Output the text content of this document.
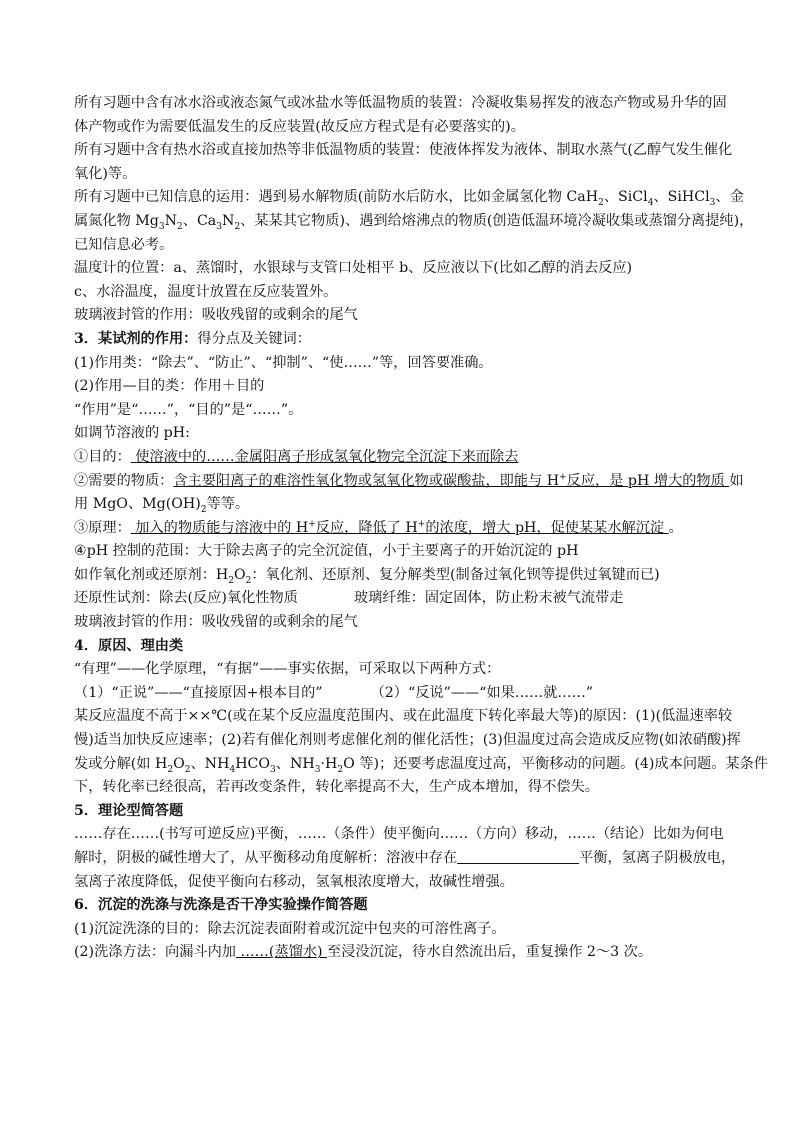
所有习题中含有冰水浴或液态氮气或冰盐水等低温物质的装置：冷凝收集易挥发的液态产物或易升华的固
体产物或作为需要低温发生的反应装置(故反应方程式是有必要落实的)。
所有习题中含有热水浴或直接加热等非低温物质的装置：使液体挥发为液体、制取水蒸气(乙醇气发生催化
氧化)等。
所有习题中已知信息的运用：遇到易水解物质(前防水后防水，比如金属氢化物 CaH$_2$、SiCl$_4$、SiHCl$_3$、金
属氮化物 $Mg_3N_2$、$Ca_3N_2$、某某其它物质)、遇到给熔沸点的物质(创造低温环境冷凝收集或蒸馏分离提纯)，
已知信息必考。
温度计的位置：a、蒸馏时，水银球与支管口处相平 b、反应液以下(比如乙醇的消去反应)
c、水浴温度，温度计放置在反应装置外。
玻璃液封管的作用：吸收残留的或剩余的尾气
3．某试剂的作用：得分点及关键词：
(1)作用类：“除去”、“防止”、“抑制”、“使……”等，回答要准确。
(2)作用—目的类：作用＋目的
“作用”是“……”，“目的”是“……”。
如调节溶液的 pH:
①目的： 使溶液中的……金属阳离子形成氢氧化物完全沉淀下来而除去
②需要的物质：含主要阳离子的难溶性氧化物或氢氧化物或碳酸盐，即能与 H+反应，是 pH 增大的物质 如
用 MgO、$Mg(OH)_2$等等。
③原理： 加入的物质能与溶液中的 H+反应，降低了 H+的浓度，增大 pH，促使某某水解沉淀 。
④pH 控制的范围：大于除去离子的完全沉淀值，小于主要离子的开始沉淀的 pH
如作氧化剂或还原剂：$H_2O_2$：氧化剂、还原剂、复分解类型(制备过氧化钡等提供过氧键而已)
还原性试剂：除去(反应)氧化性物质	玻璃纤维：固定固体，防止粉末被气流带走
玻璃液封管的作用：吸收残留的或剩余的尾气
4．原因、理由类
“有理”——化学原理，“有据”——事实依据，可采取以下两种方式：
（1）“正说”——“直接原因+根本目的”	（2）“反说”——“如果……就……”
某反应温度不高于××℃(或在某个反应温度范围内、或在此温度下转化率最大等)的原因：(1)(低温速率较
慢)适当加快反应速率；(2)若有催化剂则考虑催化剂的催化活性；(3)但温度过高会造成反应物(如浓硝酸)挥
发或分解(如 $H_2O_2$、$NH_4HCO_3$、$NH_3\cdot H_2O$ 等)；还要考虑温度过高，平衡移动的问题。(4)成本问题。某条件
下，转化率已经很高，若再改变条件，转化率提高不大，生产成本增加，得不偿失。
5．理论型简答题
……存在……(书写可逆反应)平衡，……（条件）使平衡向……（方向）移动，……（结论）比如为何电
解时，阴极的碱性增大了，从平衡移动角度解析：溶液中存在	平衡，氢离子阴极放电，
氢离子浓度降低，促使平衡向右移动，氢氧根浓度增大，故碱性增强。
6．沉淀的洗涤与洗涤是否干净实验操作简答题
(1)沉淀洗涤的目的：除去沉淀表面附着或沉淀中包夹的可溶性离子。
(2)洗涤方法：向漏斗内加 ……(蒸馏水) 至浸没沉淀，待水自然流出后，重复操作 2～3 次。
